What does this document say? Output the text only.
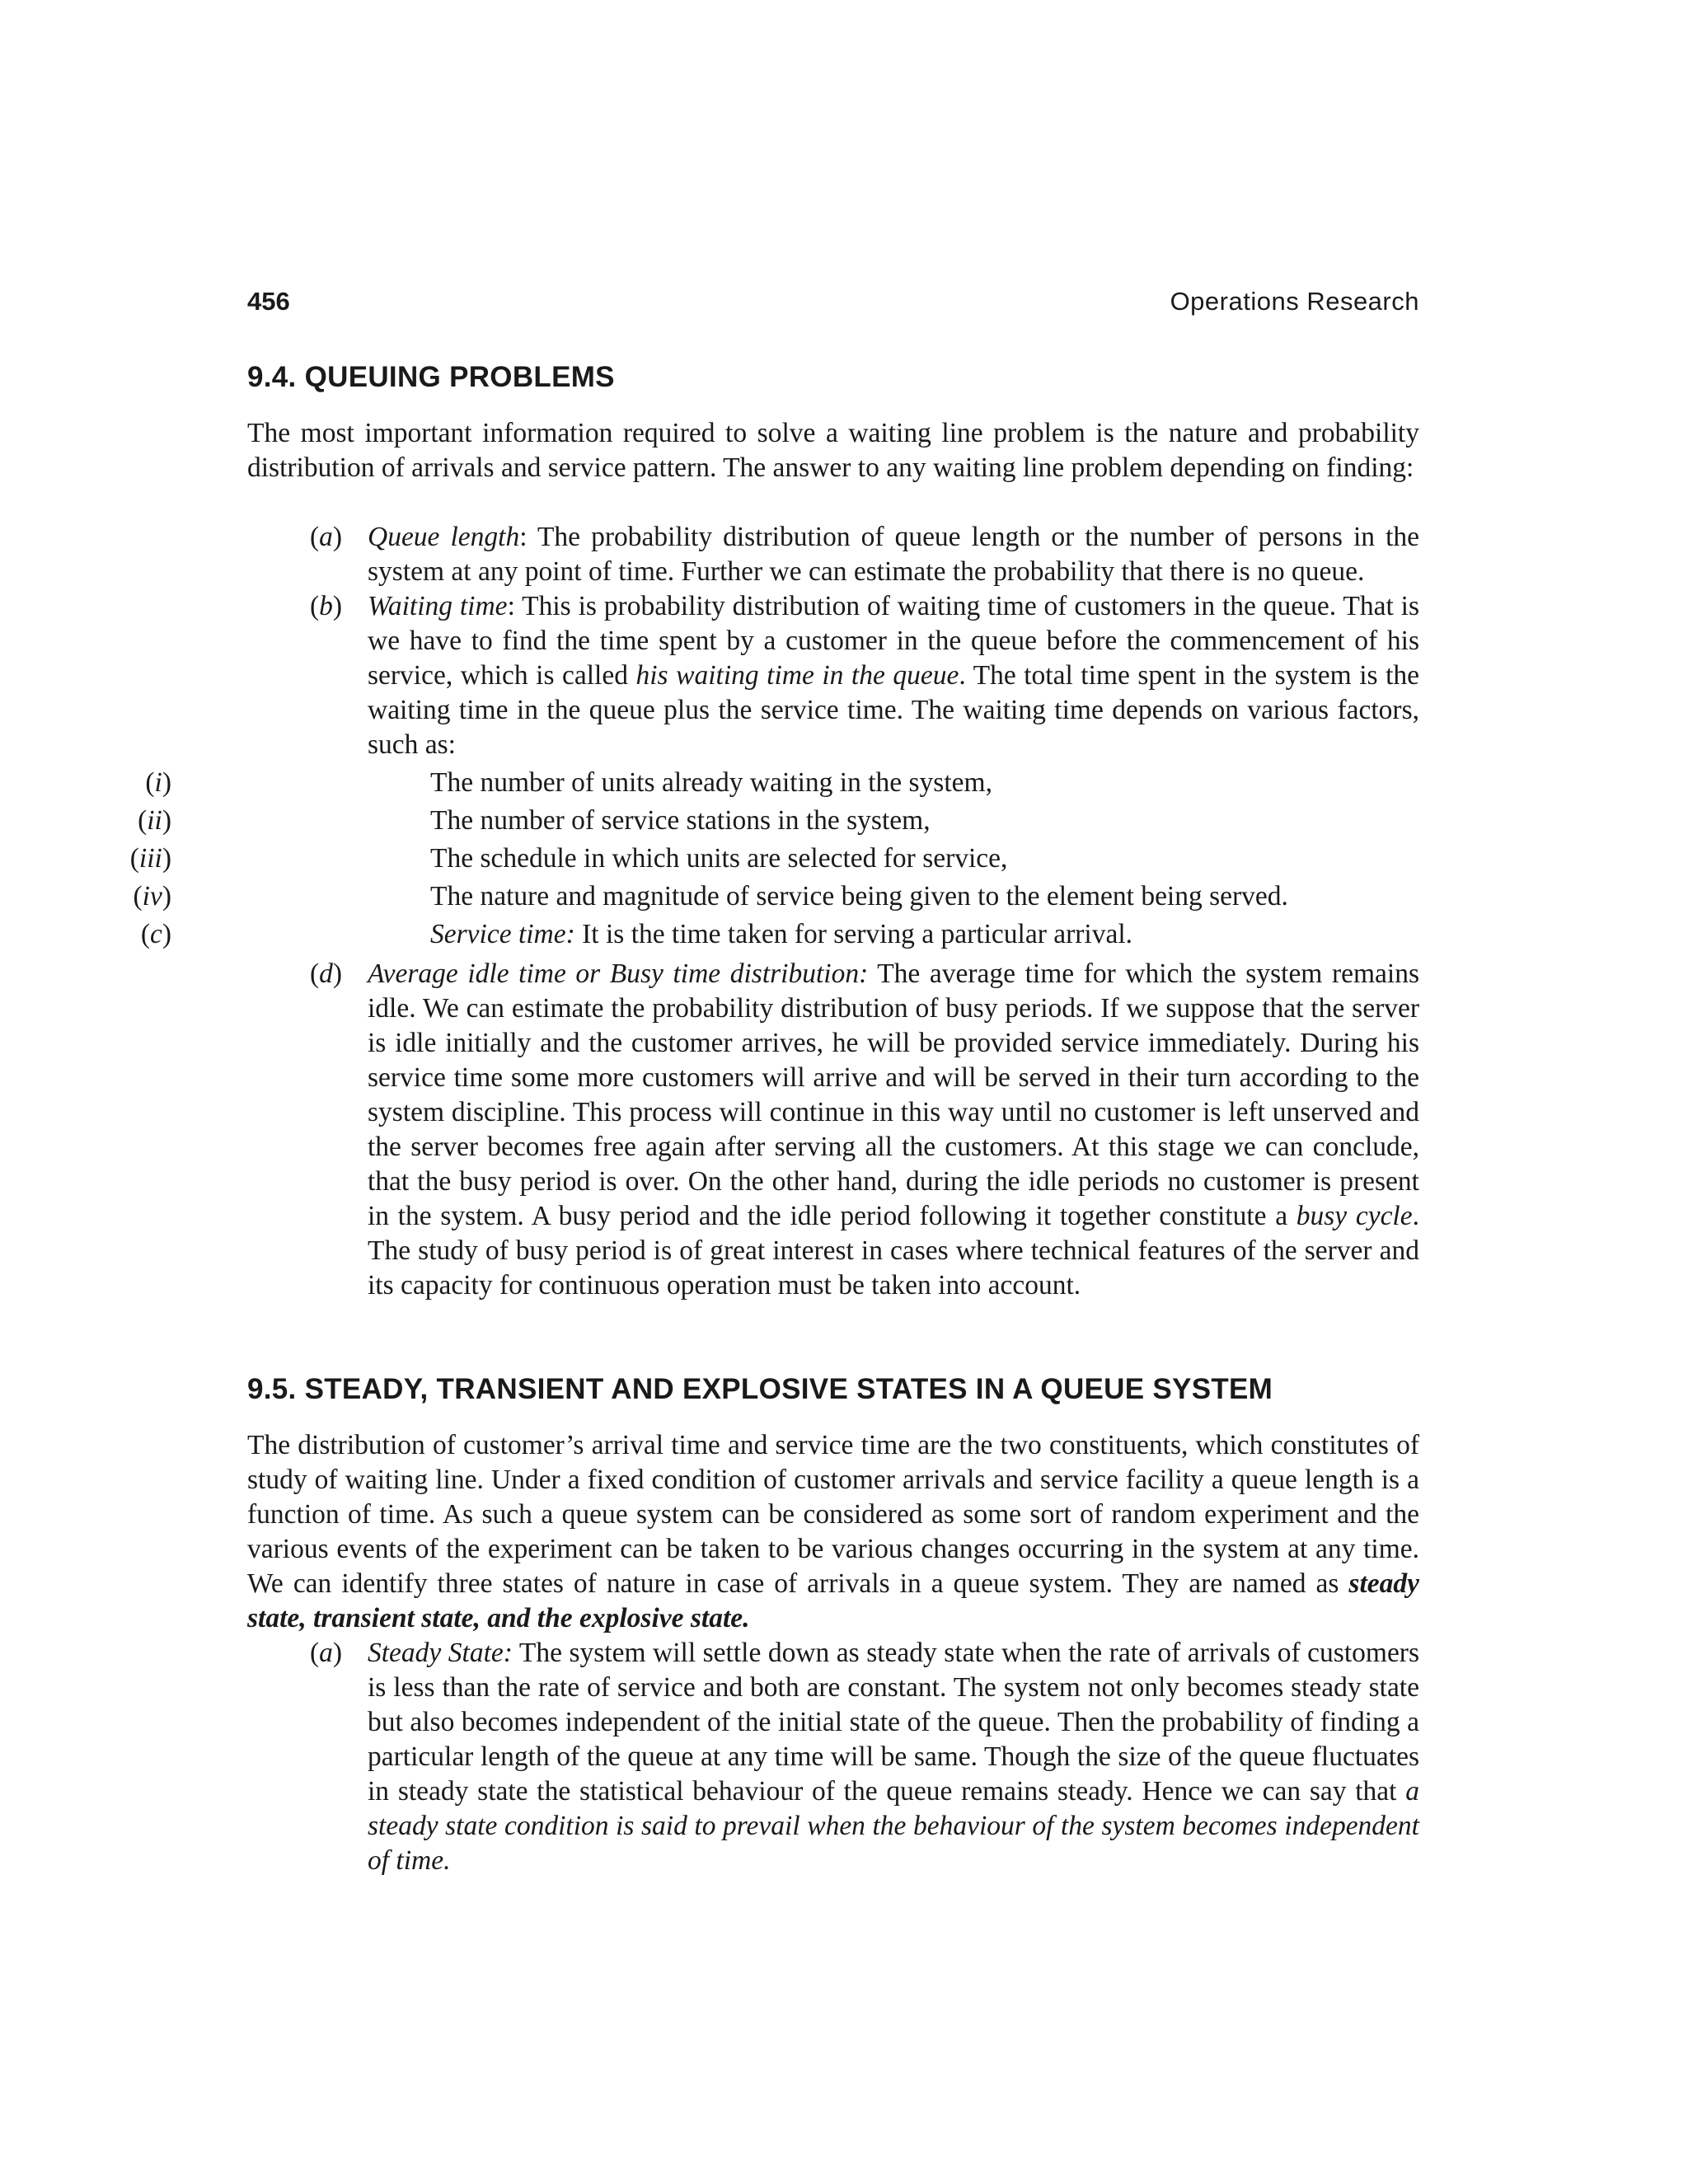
456	Operations Research
9.4. QUEUING PROBLEMS

The most important information required to solve a waiting line problem is the nature and probability distribution of arrivals and service pattern. The answer to any waiting line problem depending on finding:

(a) Queue length: The probability distribution of queue length or the number of persons in the system at any point of time. Further we can estimate the probability that there is no queue.
(b) Waiting time: This is probability distribution of waiting time of customers in the queue. That is we have to find the time spent by a customer in the queue before the commencement of his service, which is called his waiting time in the queue. The total time spent in the system is the waiting time in the queue plus the service time. The waiting time depends on various factors, such as:
(i)	The number of units already waiting in the system,
(ii)	The number of service stations in the system,
(iii)	The schedule in which units are selected for service,
(iv)	The nature and magnitude of service being given to the element being served.
(c)	Service time: It is the time taken for serving a particular arrival.
(d) Average idle time or Busy time distribution: The average time for which the system remains idle. We can estimate the probability distribution of busy periods. If we suppose that the server is idle initially and the customer arrives, he will be provided service immediately. During his service time some more customers will arrive and will be served in their turn according to the system discipline. This process will continue in this way until no customer is left unserved and the server becomes free again after serving all the customers. At this stage we can conclude, that the busy period is over. On the other hand, during the idle periods no customer is present in the system. A busy period and the idle period following it together constitute a busy cycle. The study of busy period is of great interest in cases where technical features of the server and its capacity for continuous operation must be taken into account.
9.5. STEADY, TRANSIENT AND EXPLOSIVE STATES IN A QUEUE SYSTEM

The distribution of customer’s arrival time and service time are the two constituents, which constitutes of study of waiting line. Under a fixed condition of customer arrivals and service facility a queue length is a function of time. As such a queue system can be considered as some sort of random experiment and the various events of the experiment can be taken to be various changes occurring in the system at any time. We can identify three states of nature in case of arrivals in a queue system. They are named as steady state, transient state, and the explosive state.

(a) Steady State: The system will settle down as steady state when the rate of arrivals of customers is less than the rate of service and both are constant. The system not only becomes steady state but also becomes independent of the initial state of the queue. Then the probability of finding a particular length of the queue at any time will be same. Though the size of the queue fluctuates in steady state the statistical behaviour of the queue remains steady. Hence we can say that a steady state condition is said to prevail when the behaviour of the system becomes independent of time.
